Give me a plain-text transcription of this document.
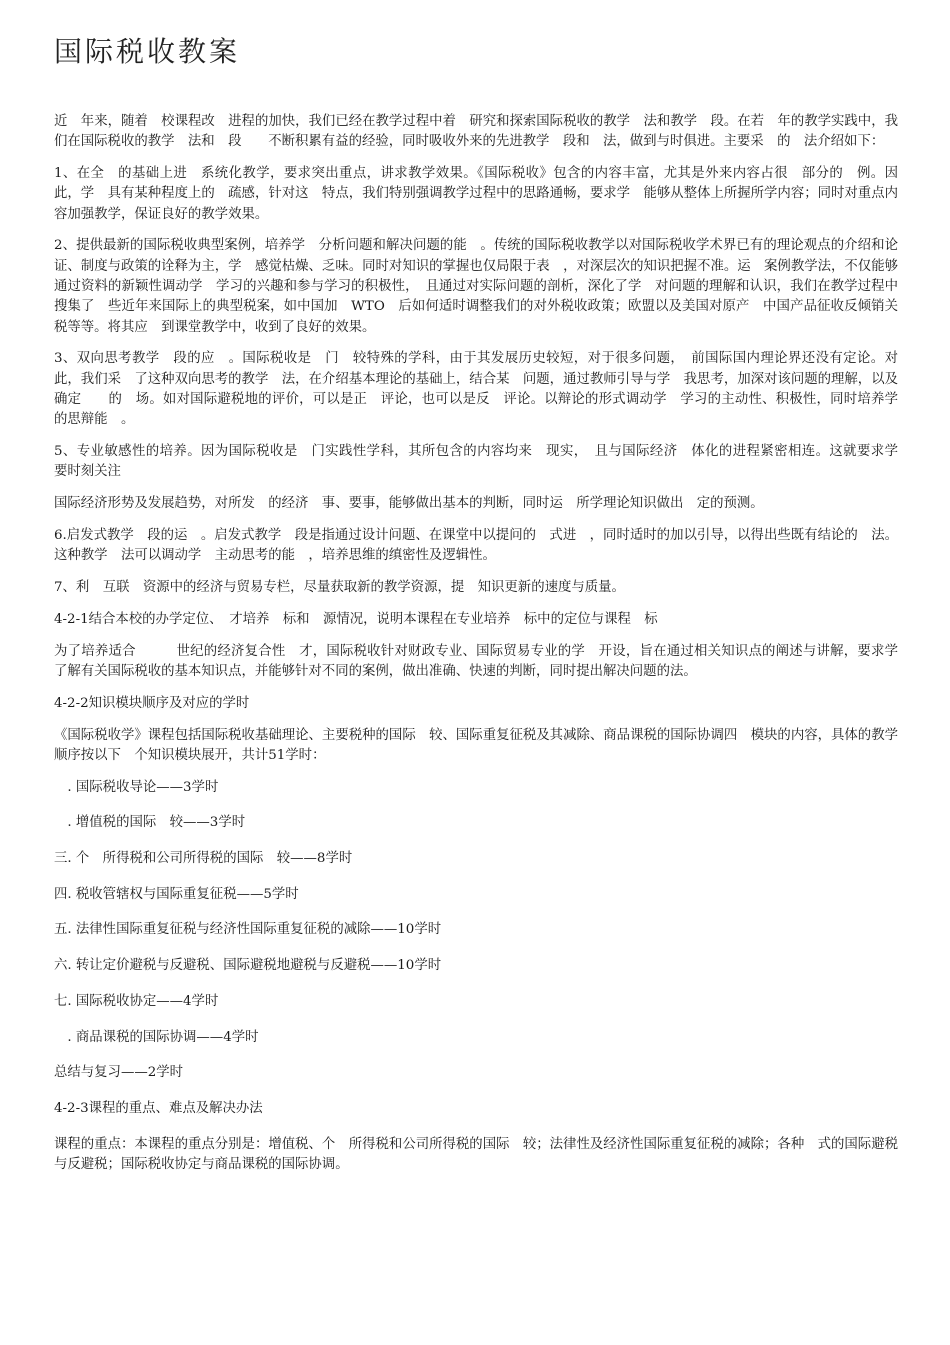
国际税收教案

近　年来，随着　校课程改　进程的加快，我们已经在教学过程中着　研究和探索国际税收的教学　法和教学　段。在若　年的教学实践中，我们在国际税收的教学　法和　段　　不断积累有益的经验，同时吸收外来的先进教学　段和　法，做到与时俱进。主要采　的　法介绍如下：

1、在全　的基础上进　系统化教学，要求突出重点，讲求教学效果。《国际税收》包含的内容丰富，尤其是外来内容占很　部分的　例。因此，学　具有某种程度上的　疏感，针对这　特点，我们特别强调教学过程中的思路通畅，要求学　能够从整体上所握所学内容；同时对重点内容加强教学，保证良好的教学效果。

2、提供最新的国际税收典型案例，培养学　分析问题和解决问题的能　。传统的国际税收教学以对国际税收学术界已有的理论观点的介绍和论证、制度与政策的诠释为主，学　感觉枯燥、乏味。同时对知识的掌握也仅局限于表　，对深层次的知识把握不准。运　案例教学法，不仅能够通过资料的新颖性调动学　学习的兴趣和参与学习的积极性，　且通过对实际问题的剖析，深化了学　对问题的理解和认识，我们在教学过程中搜集了　些近年来国际上的典型税案，如中国加　WTO　后如何适时调整我们的对外税收政策；欧盟以及美国对原产　中国产品征收反倾销关税等等。将其应　到课堂教学中，收到了良好的效果。

3、双向思考教学　段的应　。国际税收是　门　较特殊的学科，由于其发展历史较短，对于很多问题，　前国际国内理论界还没有定论。对此，我们采　了这种双向思考的教学　法，在介绍基本理论的基础上，结合某　问题，通过教师引导与学　我思考，加深对该问题的理解，以及确定　　的　场。如对国际避税地的评价，可以是正　评论，也可以是反　评论。以辩论的形式调动学　学习的主动性、积极性，同时培养学　的思辩能　。

5、专业敏感性的培养。因为国际税收是　门实践性学科，其所包含的内容均来　现实，　且与国际经济　体化的进程紧密相连。这就要求学　要时刻关注

国际经济形势及发展趋势，对所发　的经济　事、要事，能够做出基本的判断，同时运　所学理论知识做出　定的预测。

6.启发式教学　段的运　。启发式教学　段是指通过设计问题、在课堂中以提问的　式进　，同时适时的加以引导，以得出些既有结论的　法。这种教学　法可以调动学　主动思考的能　，培养思维的缜密性及逻辑性。

7、利　互联　资源中的经济与贸易专栏，尽量获取新的教学资源，提　知识更新的速度与质量。

4-2-1结合本校的办学定位、　才培养　标和　源情况，说明本课程在专业培养　标中的定位与课程　标

为了培养适合　　　世纪的经济复合性　才，国际税收针对财政专业、国际贸易专业的学　开设，旨在通过相关知识点的阐述与讲解，要求学　了解有关国际税收的基本知识点，并能够针对不同的案例，做出准确、快速的判断，同时提出解决问题的法。

4-2-2知识模块顺序及对应的学时

《国际税收学》课程包括国际税收基础理论、主要税种的国际　较、国际重复征税及其减除、商品课税的国际协调四　模块的内容，具体的教学顺序按以下　个知识模块展开，共计51学时：

　. 国际税收导论——3学时

　. 增值税的国际　较——3学时

三. 个　所得税和公司所得税的国际　较——8学时

四. 税收管辖权与国际重复征税——5学时

五. 法律性国际重复征税与经济性国际重复征税的减除——10学时

六. 转让定价避税与反避税、国际避税地避税与反避税——10学时

七. 国际税收协定——4学时

　. 商品课税的国际协调——4学时

总结与复习——2学时

4-2-3课程的重点、难点及解决办法

课程的重点：本课程的重点分别是：增值税、个　所得税和公司所得税的国际　较；法律性及经济性国际重复征税的减除；各种　式的国际避税与反避税；国际税收协定与商品课税的国际协调。
